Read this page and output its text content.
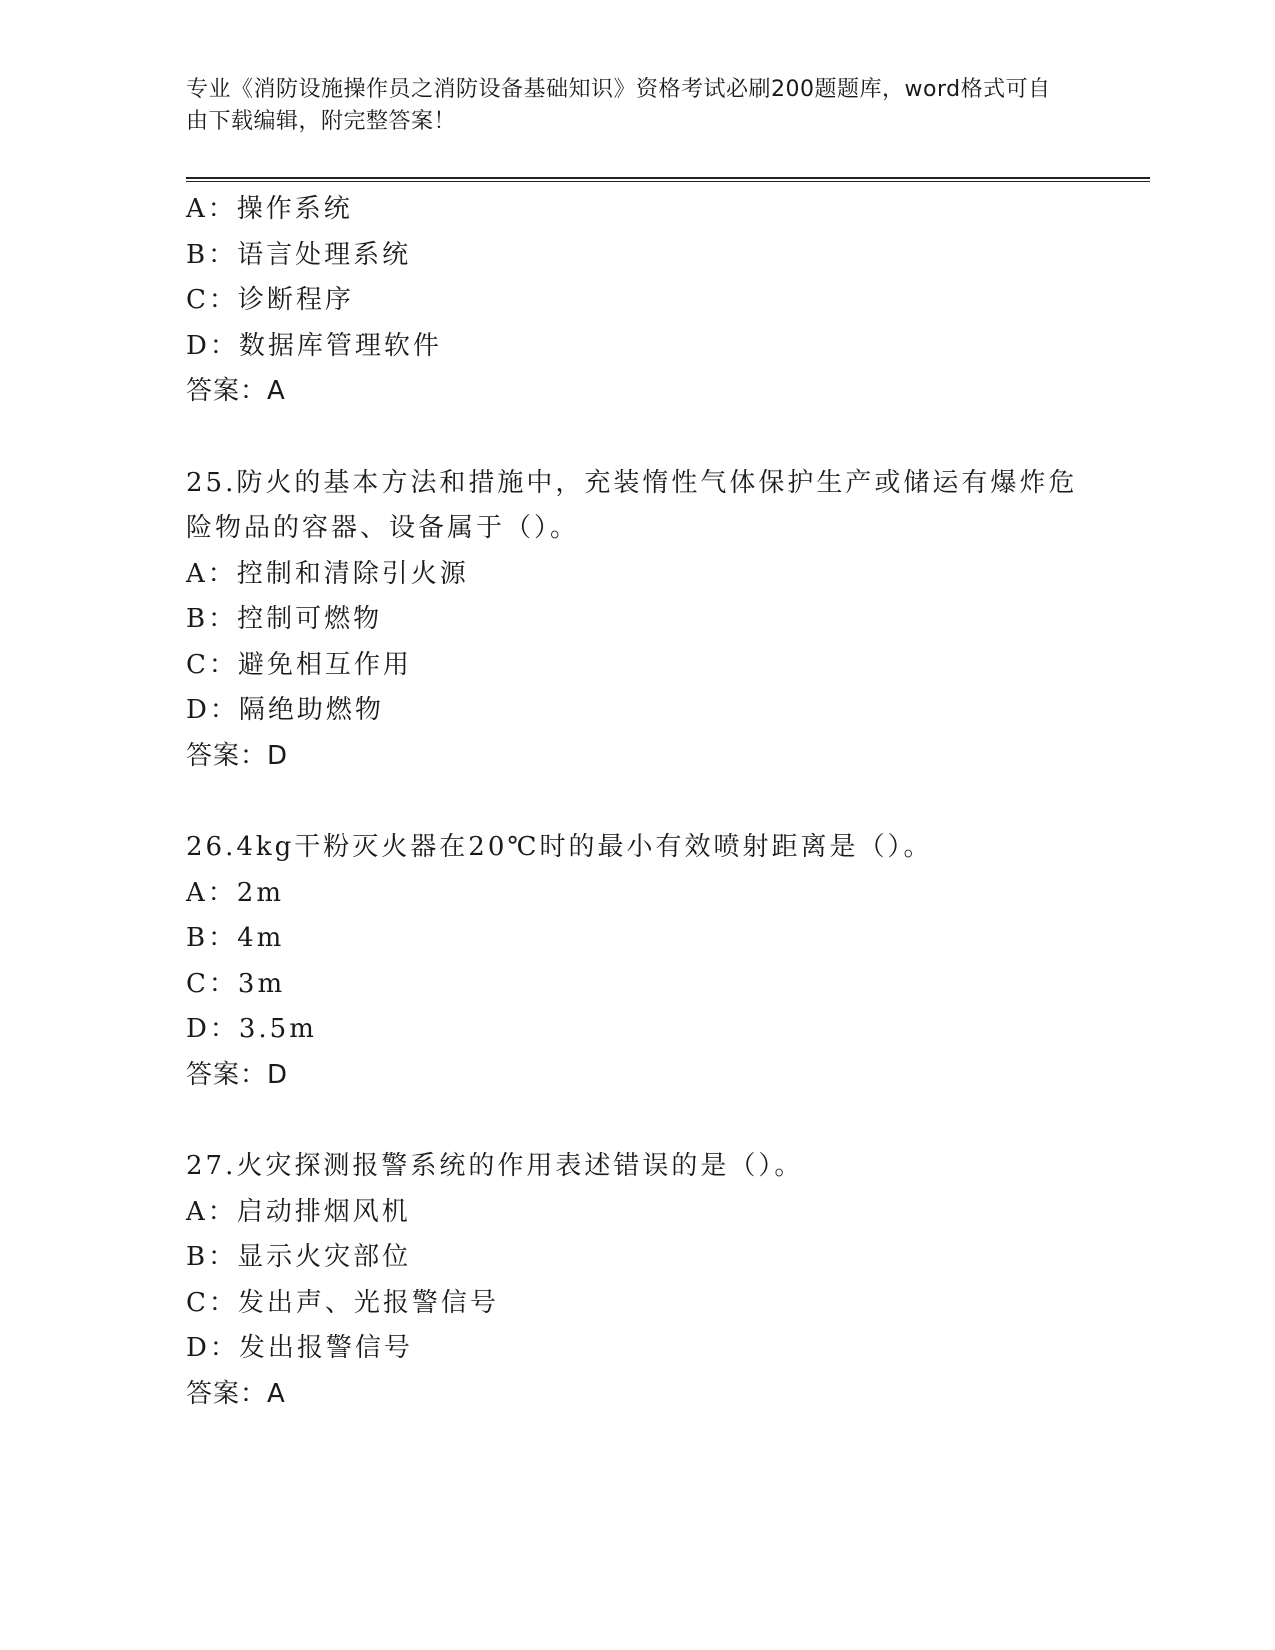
专业《消防设施操作员之消防设备基础知识》资格考试必刷200题题库，word格式可自由下载编辑，附完整答案！
A：操作系统
B：语言处理系统
C：诊断程序
D：数据库管理软件
答案：A
25.防火的基本方法和措施中，充装惰性气体保护生产或储运有爆炸危险物品的容器、设备属于（）。
A：控制和清除引火源
B：控制可燃物
C：避免相互作用
D：隔绝助燃物
答案：D
26.4kg干粉灭火器在20℃时的最小有效喷射距离是（）。
A：2m
B：4m
C：3m
D：3.5m
答案：D
27.火灾探测报警系统的作用表述错误的是（）。
A：启动排烟风机
B：显示火灾部位
C：发出声、光报警信号
D：发出报警信号
答案：A
